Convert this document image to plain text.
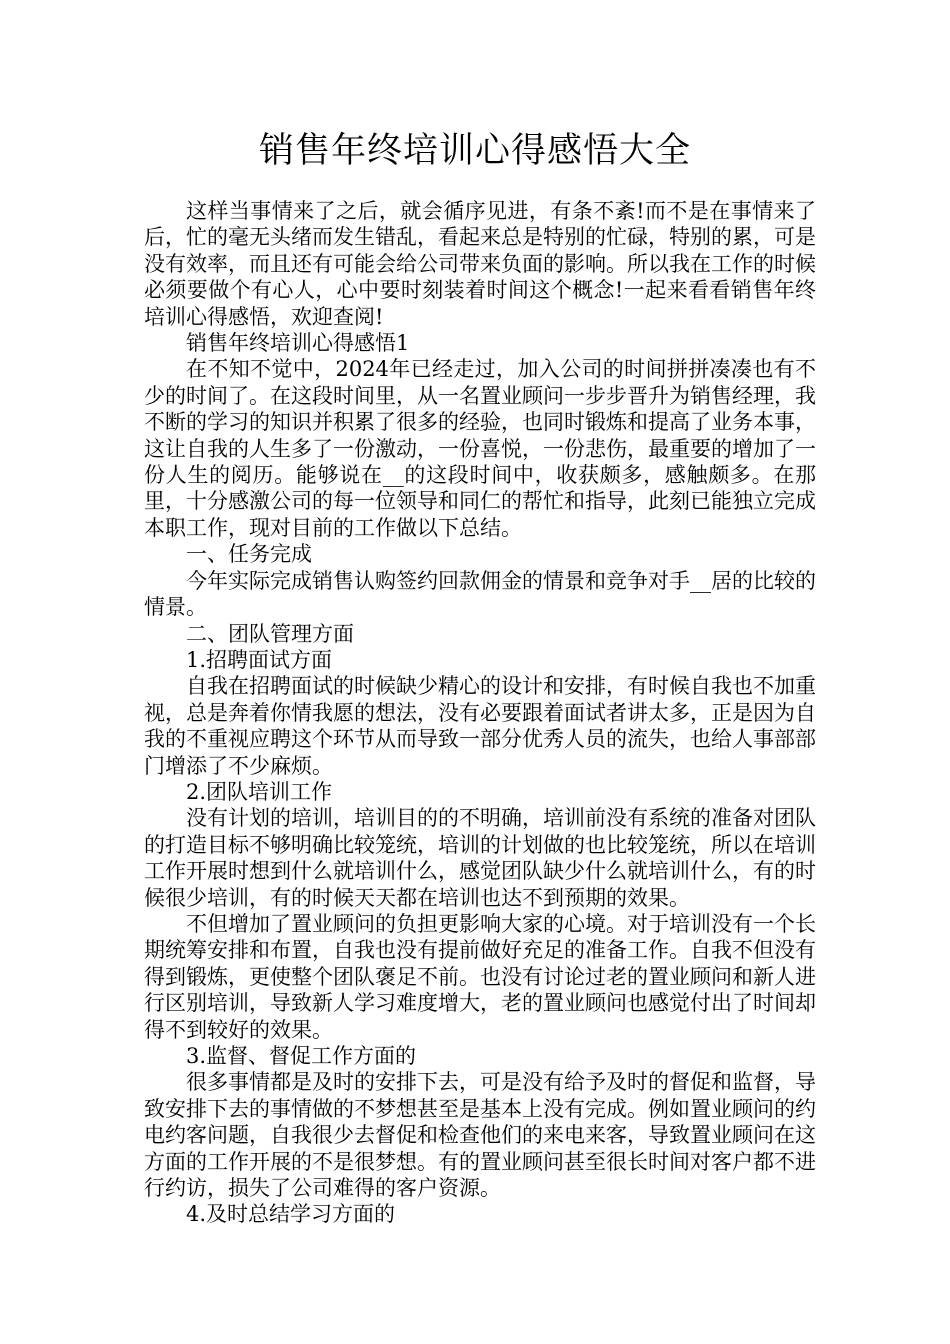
销售年终培训心得感悟大全

这样当事情来了之后，就会循序见进，有条不紊!而不是在事情来了后，忙的毫无头绪而发生错乱，看起来总是特别的忙碌，特别的累，可是没有效率，而且还有可能会给公司带来负面的影响。所以我在工作的时候必须要做个有心人，心中要时刻装着时间这个概念!一起来看看销售年终培训心得感悟，欢迎查阅!

销售年终培训心得感悟1

在不知不觉中，2024年已经走过，加入公司的时间拼拼凑凑也有不少的时间了。在这段时间里，从一名置业顾问一步步晋升为销售经理，我不断的学习的知识并积累了很多的经验，也同时锻炼和提高了业务本事，这让自我的人生多了一份激动，一份喜悦，一份悲伤，最重要的增加了一份人生的阅历。能够说在__的这段时间中，收获颇多，感触颇多。在那里，十分感激公司的每一位领导和同仁的帮忙和指导，此刻已能独立完成本职工作，现对目前的工作做以下总结。

一、任务完成

今年实际完成销售认购签约回款佣金的情景和竞争对手__居的比较的情景。

二、团队管理方面

1.招聘面试方面

自我在招聘面试的时候缺少精心的设计和安排，有时候自我也不加重视，总是奔着你情我愿的想法，没有必要跟着面试者讲太多，正是因为自我的不重视应聘这个环节从而导致一部分优秀人员的流失，也给人事部部门增添了不少麻烦。

2.团队培训工作

没有计划的培训，培训目的的不明确，培训前没有系统的准备对团队的打造目标不够明确比较笼统，培训的计划做的也比较笼统，所以在培训工作开展时想到什么就培训什么，感觉团队缺少什么就培训什么，有的时候很少培训，有的时候天天都在培训也达不到预期的效果。

不但增加了置业顾问的负担更影响大家的心境。对于培训没有一个长期统筹安排和布置，自我也没有提前做好充足的准备工作。自我不但没有得到锻炼，更使整个团队褒足不前。也没有讨论过老的置业顾问和新人进行区别培训，导致新人学习难度增大，老的置业顾问也感觉付出了时间却得不到较好的效果。

3.监督、督促工作方面的

很多事情都是及时的安排下去，可是没有给予及时的督促和监督，导致安排下去的事情做的不梦想甚至是基本上没有完成。例如置业顾问的约电约客问题，自我很少去督促和检查他们的来电来客，导致置业顾问在这方面的工作开展的不是很梦想。有的置业顾问甚至很长时间对客户都不进行约访，损失了公司难得的客户资源。

4.及时总结学习方面的
